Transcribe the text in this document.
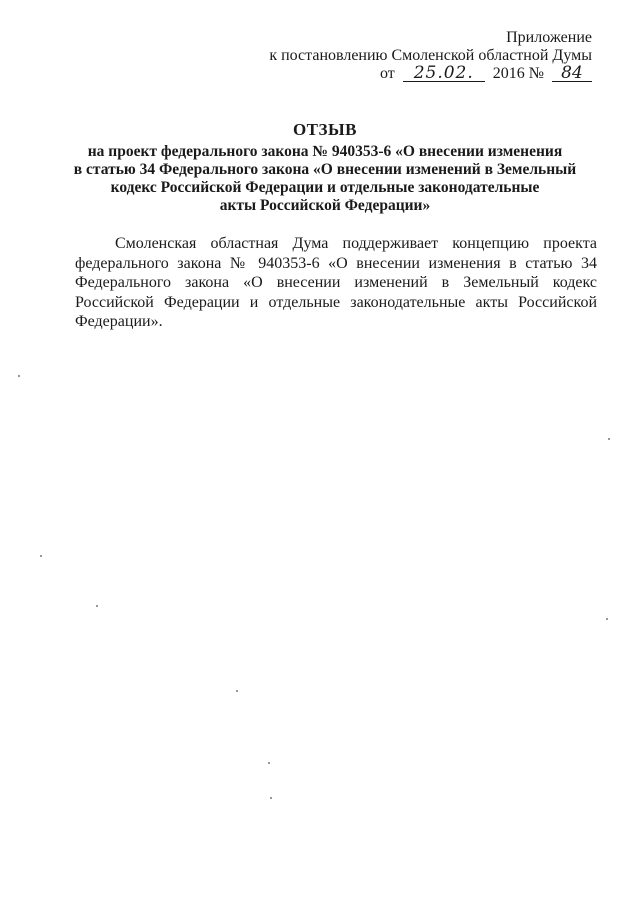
Приложение
к постановлению Смоленской областной Думы
от 25.02. 2016 № 84
ОТЗЫВ
на проект федерального закона № 940353-6 «О внесении изменения
в статью 34 Федерального закона «О внесении изменений в Земельный
кодекс Российской Федерации и отдельные законодательные
акты Российской Федерации»

Смоленская областная Дума поддерживает концепцию проекта федерального закона № 940353-6 «О внесении изменения в статью 34 Федерального закона «О внесении изменений в Земельный кодекс Российской Федерации и отдельные законодательные акты Российской Федерации».
